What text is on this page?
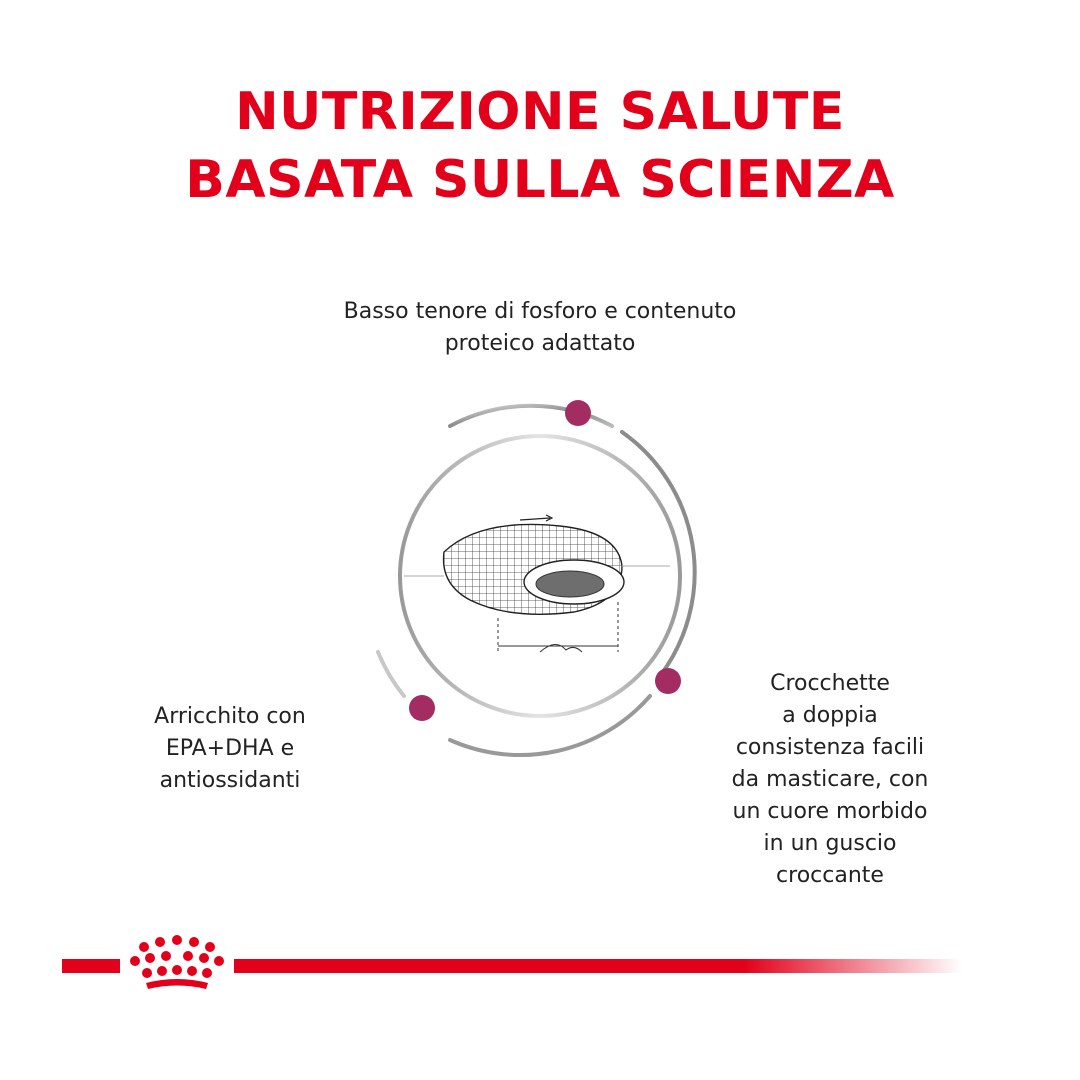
NUTRIZIONE SALUTE
BASATA SULLA SCIENZA
Basso tenore di fosforo e contenuto
proteico adattato
Arricchito con
EPA+DHA e
antiossidanti
Crocchette
a doppia
consistenza facili
da masticare, con
un cuore morbido
in un guscio
croccante
